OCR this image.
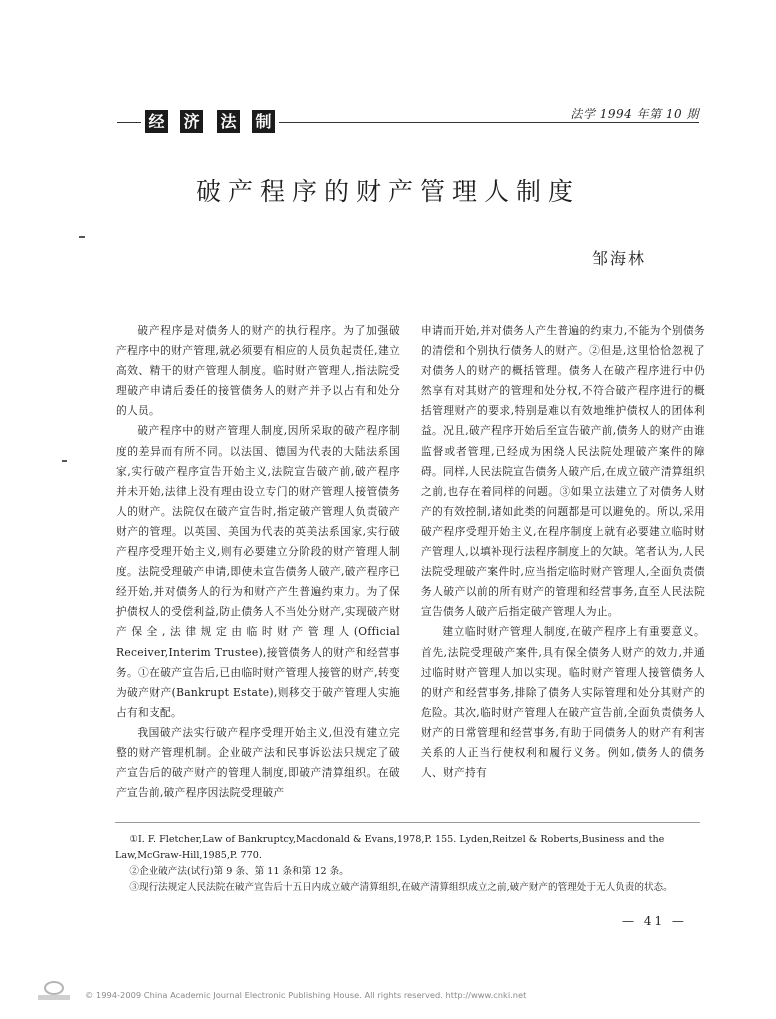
经 济 法 制	法学 1994 年第 10 期
破产程序的财产管理人制度
邹海林

破产程序是对债务人的财产的执行程序。为了加强破产程序中的财产管理,就必须要有相应的人员负起责任,建立高效、精干的财产管理人制度。临时财产管理人,指法院受理破产申请后委任的接管债务人的财产并予以占有和处分的人员。

破产程序中的财产管理人制度,因所采取的破产程序制度的差异而有所不同。以法国、德国为代表的大陆法系国家,实行破产程序宣告开始主义,法院宣告破产前,破产程序并未开始,法律上没有理由设立专门的财产管理人接管债务人的财产。法院仅在破产宣告时,指定破产管理人负责破产财产的管理。以英国、美国为代表的英美法系国家,实行破产程序受理开始主义,则有必要建立分阶段的财产管理人制度。法院受理破产申请,即使未宣告债务人破产,破产程序已经开始,并对债务人的行为和财产产生普遍约束力。为了保护债权人的受偿利益,防止债务人不当处分财产,实现破产财产保全,法律规定由临时财产管理人(Official Receiver,Interim Trustee),接管债务人的财产和经营事务。①在破产宣告后,已由临时财产管理人接管的财产,转变为破产财产(Bankrupt Estate),则移交于破产管理人实施占有和支配。

我国破产法实行破产程序受理开始主义,但没有建立完整的财产管理机制。企业破产法和民事诉讼法只规定了破产宣告后的破产财产的管理人制度,即破产清算组织。在破产宣告前,破产程序因法院受理破产

申请而开始,并对债务人产生普遍的约束力,不能为个别债务的清偿和个别执行债务人的财产。②但是,这里恰恰忽视了对债务人的财产的概括管理。债务人在破产程序进行中仍然享有对其财产的管理和处分权,不符合破产程序进行的概括管理财产的要求,特别是难以有效地维护债权人的团体利益。况且,破产程序开始后至宣告破产前,债务人的财产由谁监督或者管理,已经成为困绕人民法院处理破产案件的障碍。同样,人民法院宣告债务人破产后,在成立破产清算组织之前,也存在着同样的问题。③如果立法建立了对债务人财产的有效控制,诸如此类的问题都是可以避免的。所以,采用破产程序受理开始主义,在程序制度上就有必要建立临时财产管理人,以填补现行法程序制度上的欠缺。笔者认为,人民法院受理破产案件时,应当指定临时财产管理人,全面负责债务人破产以前的所有财产的管理和经营事务,直至人民法院宣告债务人破产后指定破产管理人为止。

建立临时财产管理人制度,在破产程序上有重要意义。首先,法院受理破产案件,具有保全债务人财产的效力,并通过临时财产管理人加以实现。临时财产管理人接管债务人的财产和经营事务,排除了债务人实际管理和处分其财产的危险。其次,临时财产管理人在破产宣告前,全面负责债务人财产的日常管理和经营事务,有助于同债务人的财产有利害关系的人正当行使权利和履行义务。例如,债务人的债务人、财产持有

①I. F. Fletcher,Law of Bankruptcy,Macdonald & Evans,1978,P. 155. Lyden,Reitzel & Roberts,Business and the Law,McGraw-Hill,1985,P. 770.

②企业破产法(试行)第 9 条、第 11 条和第 12 条。

③现行法规定人民法院在破产宣告后十五日内成立破产清算组织,在破产清算组织成立之前,破产财产的管理处于无人负责的状态。

— 41 —
© 1994-2009 China Academic Journal Electronic Publishing House. All rights reserved. http://www.cnki.net
